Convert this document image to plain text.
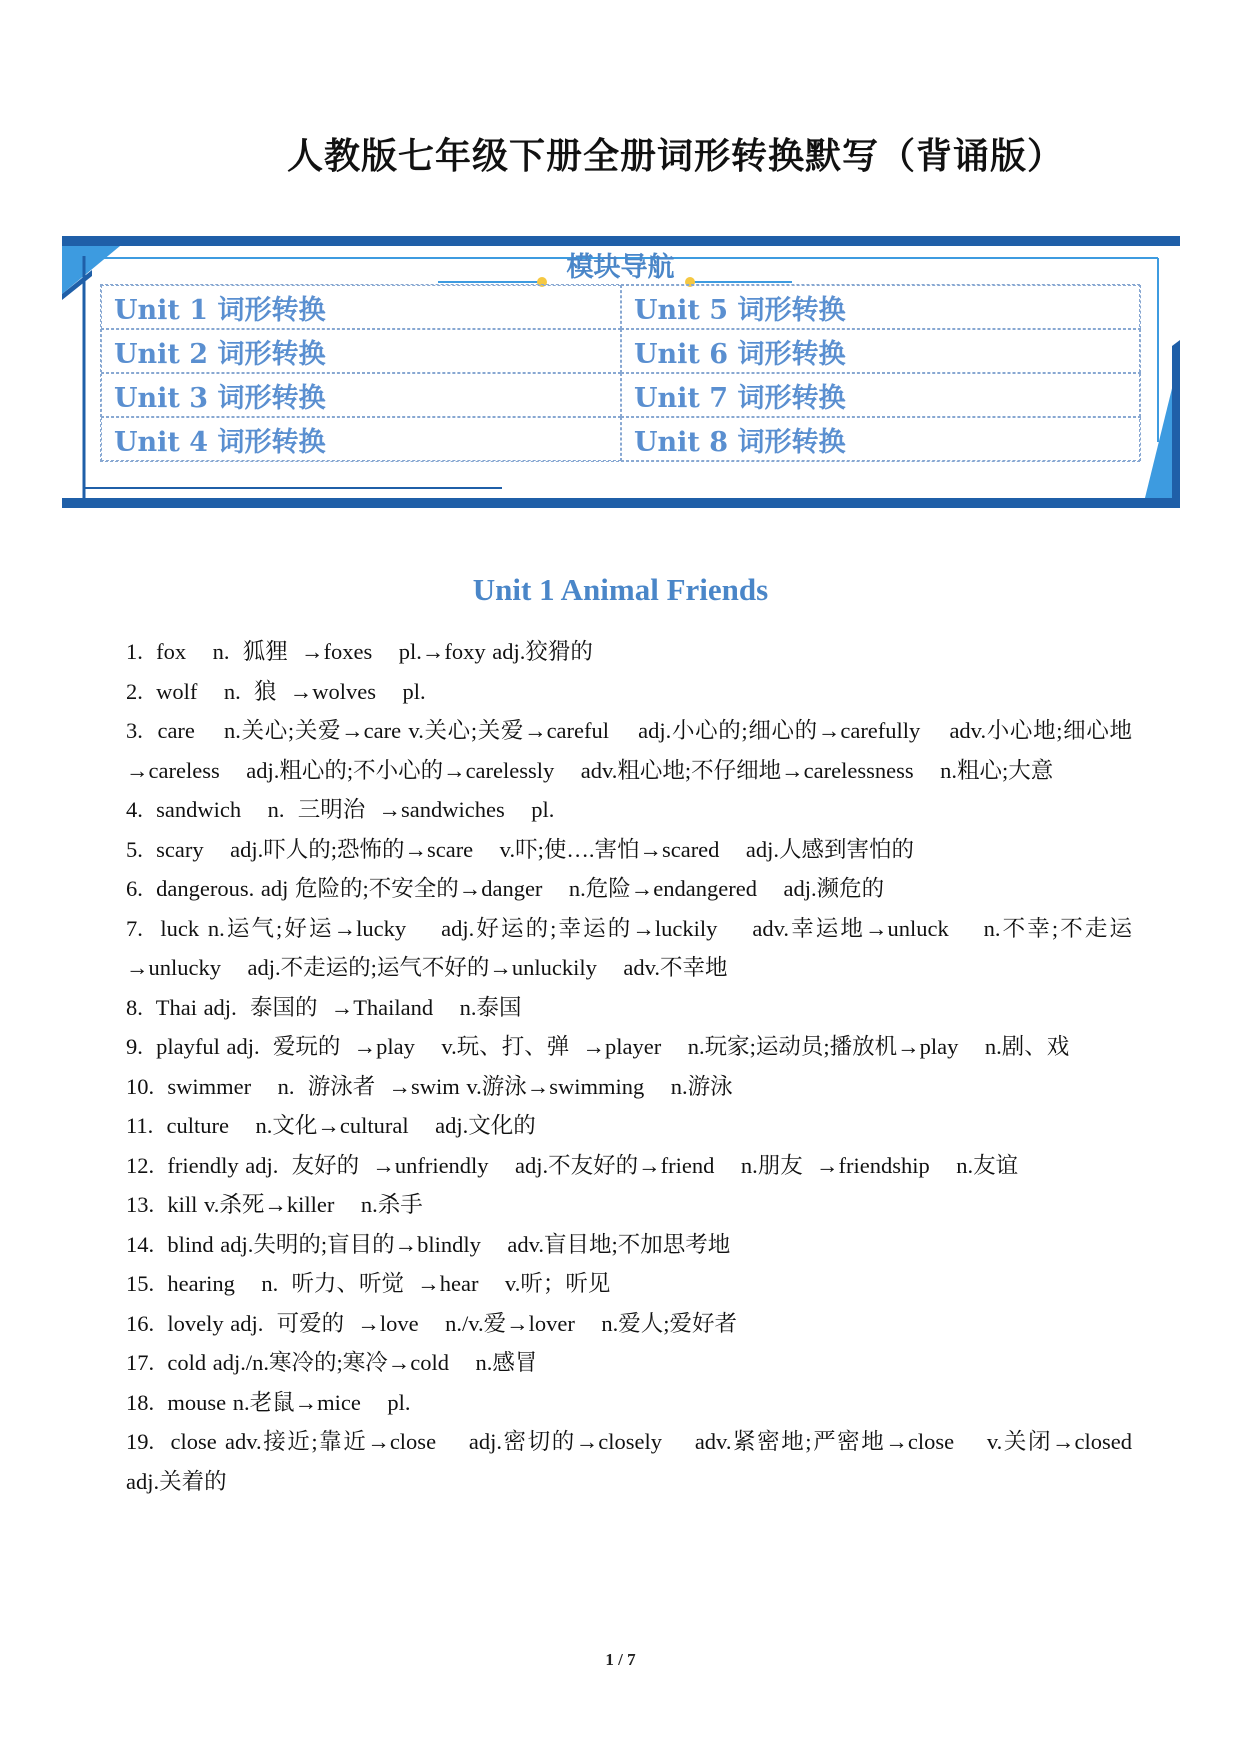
人教版七年级下册全册词形转换默写（背诵版）
模块导航
Unit 1 词形转换	Unit 5 词形转换
Unit 2 词形转换	Unit 6 词形转换
Unit 3 词形转换	Unit 7 词形转换
Unit 4 词形转换	Unit 8 词形转换
Unit 1 Animal Friends
1.  fox    n.  狐狸  →foxes    pl.→foxy adj.狡猾的
2.  wolf    n.  狼  →wolves    pl.
3.  care    n.关心;关爱→care v.关心;关爱→careful    adj.小心的;细心的→carefully    adv.小心地;细心地→careless    adj.粗心的;不小心的→carelessly    adv.粗心地;不仔细地→carelessness    n.粗心;大意
4.  sandwich    n.  三明治  →sandwiches    pl.
5.  scary    adj.吓人的;恐怖的→scare    v.吓;使….害怕→scared    adj.人感到害怕的
6.  dangerous. adj 危险的;不安全的→danger    n.危险→endangered    adj.濒危的
7.  luck n.运气;好运→lucky    adj.好运的;幸运的→luckily    adv.幸运地→unluck    n.不幸;不走运→unlucky    adj.不走运的;运气不好的→unluckily    adv.不幸地
8.  Thai adj.  泰国的  →Thailand    n.泰国
9.  playful adj.  爱玩的  →play    v.玩、打、弹  →player    n.玩家;运动员;播放机→play    n.剧、戏
10.  swimmer    n.  游泳者  →swim v.游泳→swimming    n.游泳
11.  culture    n.文化→cultural    adj.文化的
12.  friendly adj.  友好的  →unfriendly    adj.不友好的→friend    n.朋友  →friendship    n.友谊
13.  kill v.杀死→killer    n.杀手
14.  blind adj.失明的;盲目的→blindly    adv.盲目地;不加思考地
15.  hearing    n.  听力、听觉  →hear    v.听；听见
16.  lovely adj.  可爱的  →love    n./v.爱→lover    n.爱人;爱好者
17.  cold adj./n.寒冷的;寒冷→cold    n.感冒
18.  mouse n.老鼠→mice    pl.
19.  close adv.接近;靠近→close    adj.密切的→closely    adv.紧密地;严密地→close    v.关闭→closed    adj.关着的
1 / 7
